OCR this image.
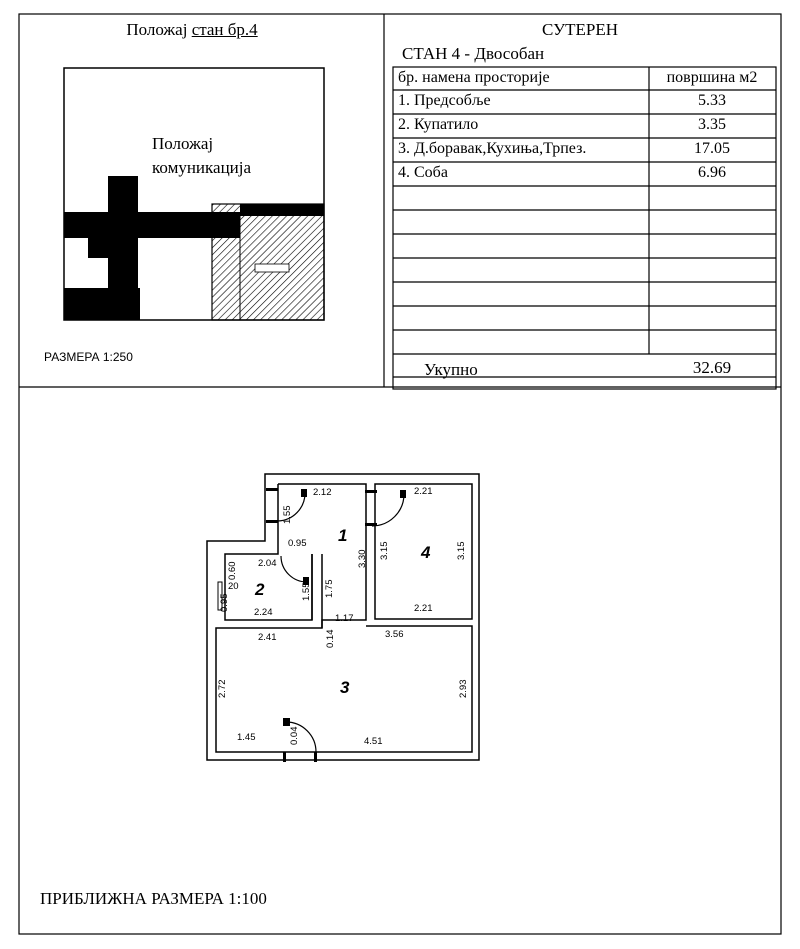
Положај стан бр.4
Положај
комуникација
РАЗМЕРА 1:250
СУТЕРЕН
СТАН 4 - Двособан
бр. намена просторије	површина м2
1. Предсобље	5.33
2. Купатило	3.35
3. Д.боравак,Кухиња,Трпез.	17.05
4. Соба	6.96
Укупно	32.69
1
2
3
4
2.12	2.21
2.21
0.95
2.04
20
2.24
1.17
3.56
2.41
1.45	4.51
1.55
3.30 3.15	3.15
0.60
0.95
1.55 1.75
0.14
2.72	2.93
0.04
ПРИБЛИЖНА РАЗМЕРА 1:100
